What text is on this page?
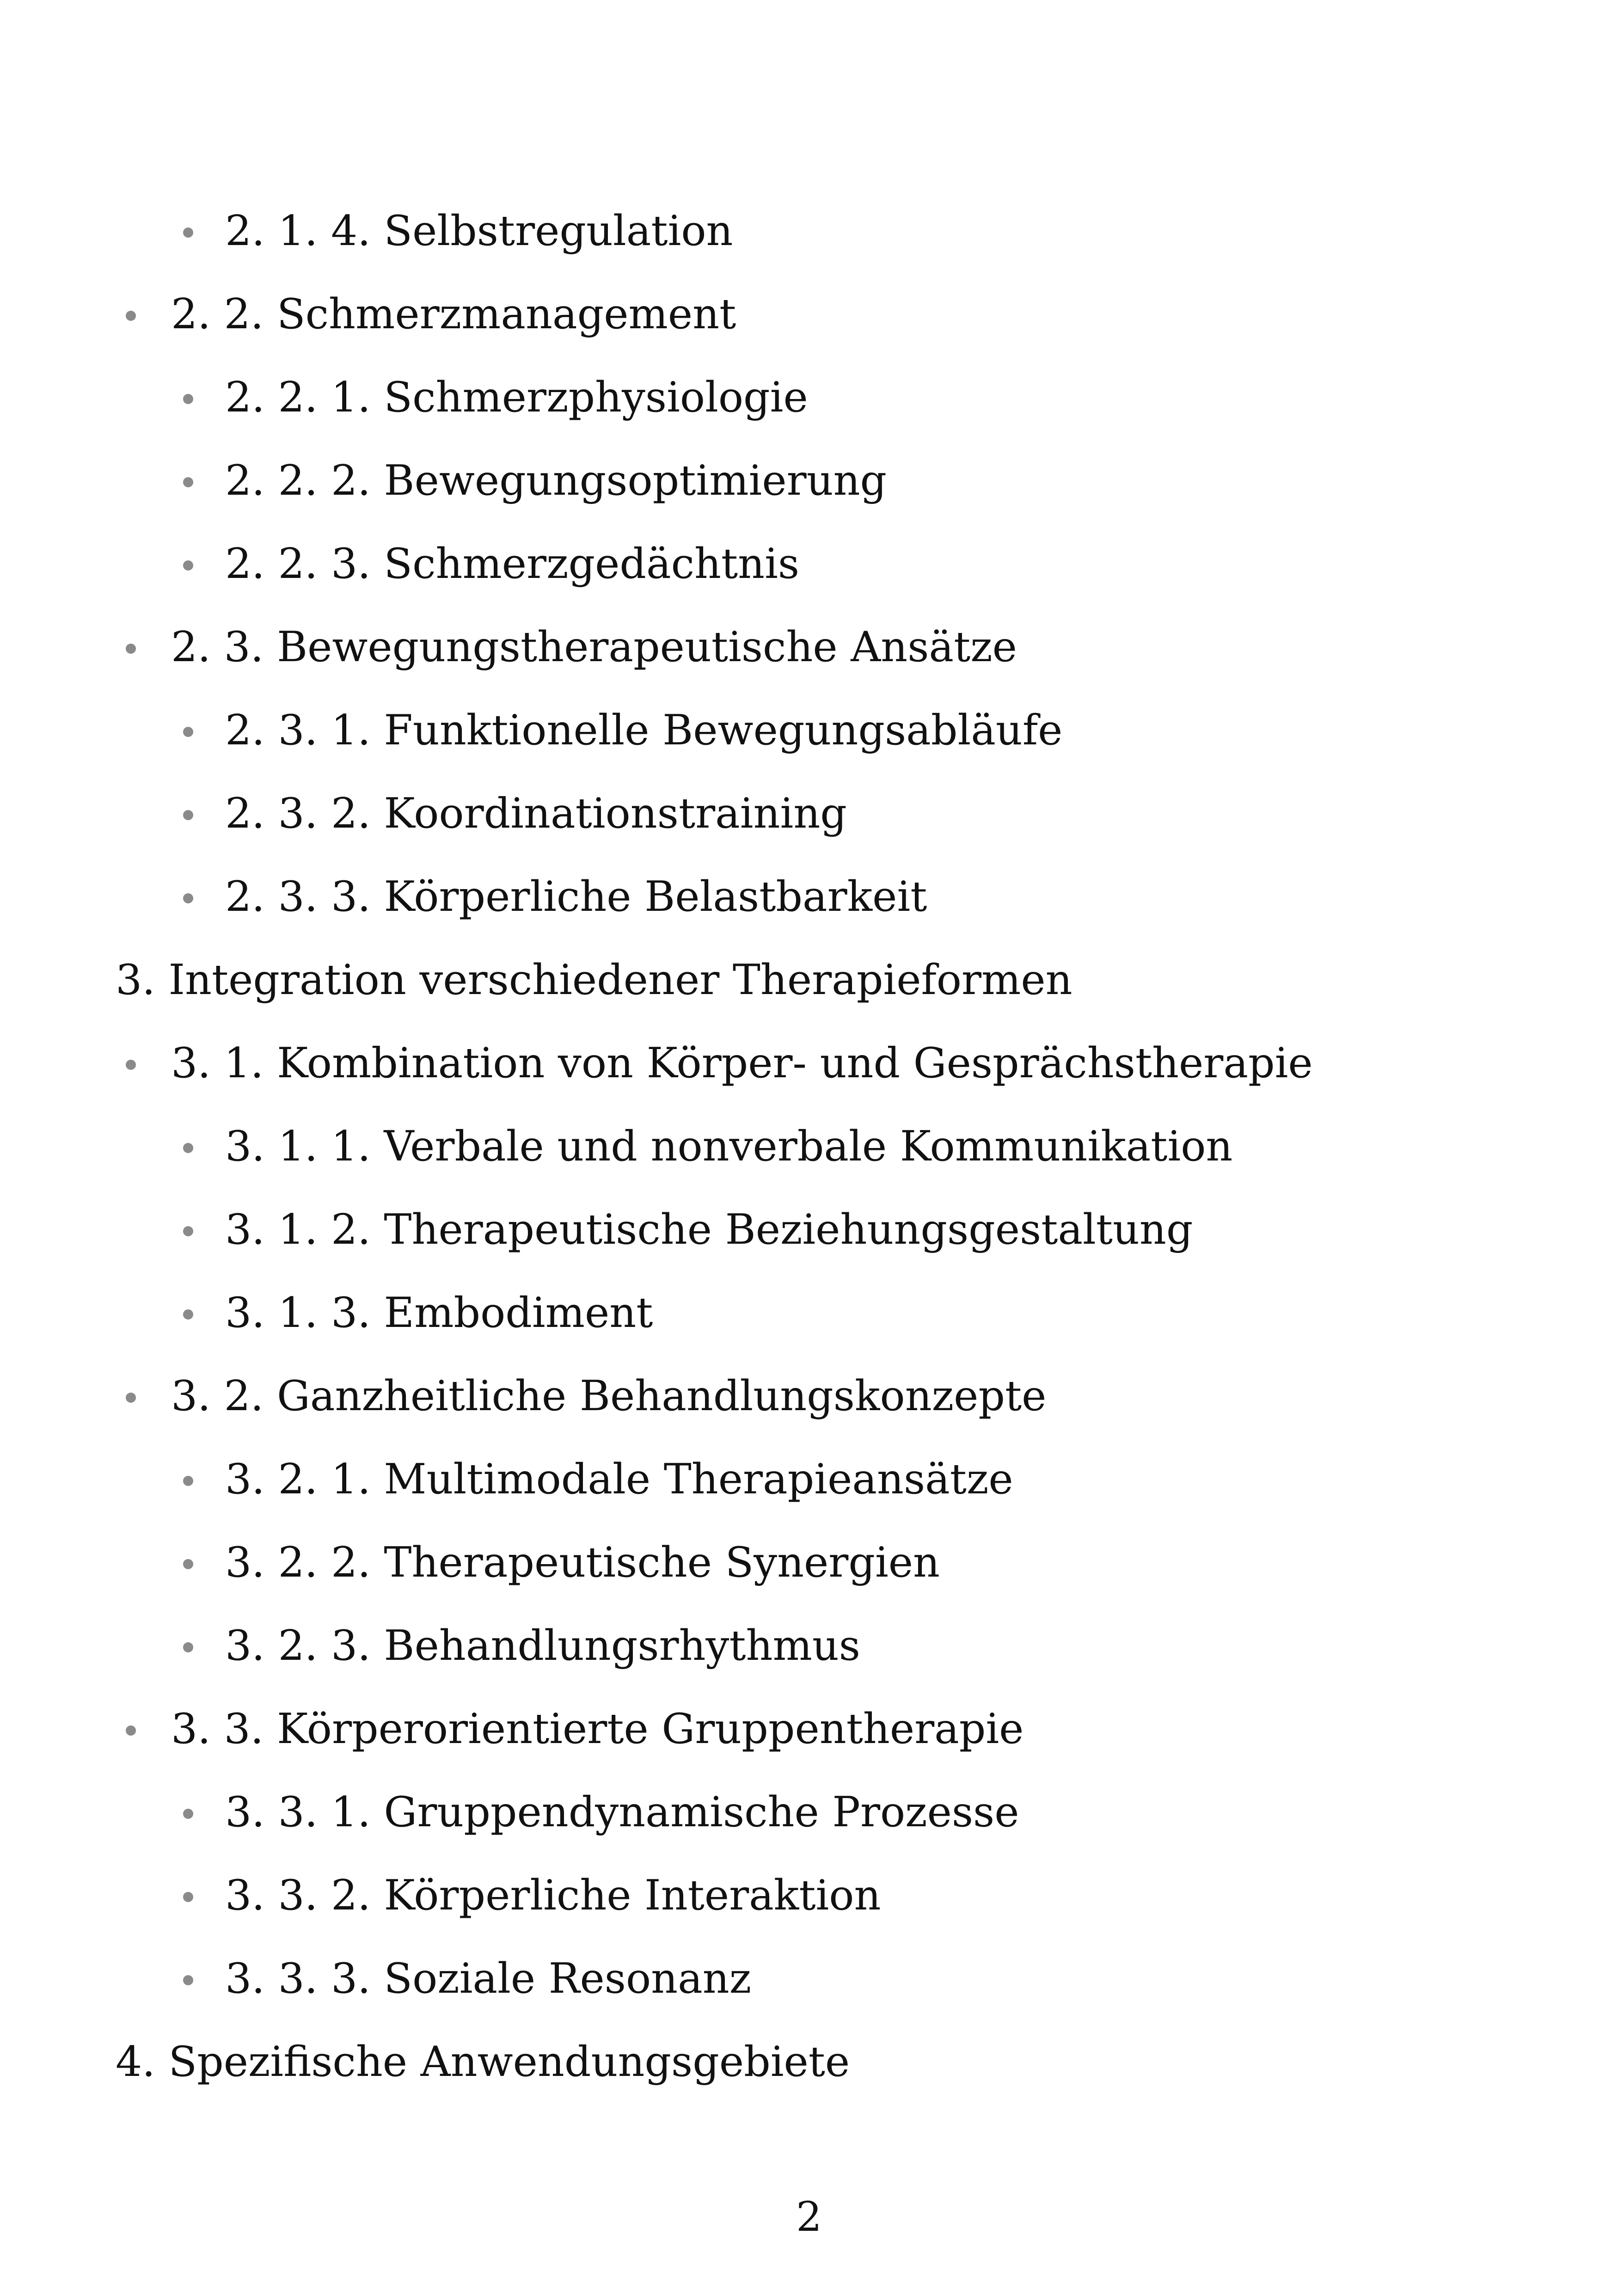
2. 1. 4. Selbstregulation
2. 2. Schmerzmanagement
2. 2. 1. Schmerzphysiologie
2. 2. 2. Bewegungsoptimierung
2. 2. 3. Schmerzgedächtnis
2. 3. Bewegungstherapeutische Ansätze
2. 3. 1. Funktionelle Bewegungsabläufe
2. 3. 2. Koordinationstraining
2. 3. 3. Körperliche Belastbarkeit
3. Integration verschiedener Therapieformen
3. 1. Kombination von Körper- und Gesprächstherapie
3. 1. 1. Verbale und nonverbale Kommunikation
3. 1. 2. Therapeutische Beziehungsgestaltung
3. 1. 3. Embodiment
3. 2. Ganzheitliche Behandlungskonzepte
3. 2. 1. Multimodale Therapieansätze
3. 2. 2. Therapeutische Synergien
3. 2. 3. Behandlungsrhythmus
3. 3. Körperorientierte Gruppentherapie
3. 3. 1. Gruppendynamische Prozesse
3. 3. 2. Körperliche Interaktion
3. 3. 3. Soziale Resonanz
4. Spezifische Anwendungsgebiete
2
